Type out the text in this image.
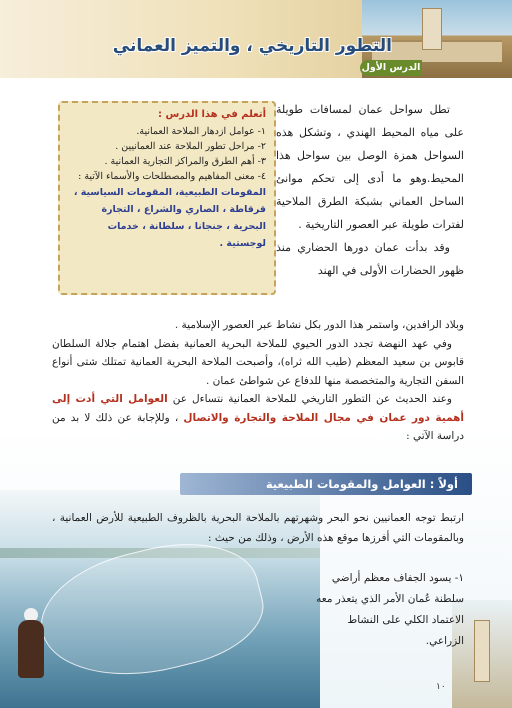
التطور التاريخي ، والتميز العماني
الدرس الأول
أتعلم في هذا الدرس :
١- عوامل ازدهار الملاحة العمانية.
٢- مراحل تطور الملاحة عند العمانيين .
٣- أهم الطرق والمراكز التجارية العمانية .
٤- معنى المفاهيم والمصطلحات والأسماء الآتية :
المقومات الطبيعية، المقومات السياسية ، قرقاطة ، الصاري والشراع ، التجارة البحرية ، جنجانا ، سلطانة ، خدمات لوجستية .
تطل سواحل عمان لمسافات طويلة على مياه المحيط الهندي ، وتشكل هذه السواحل همزة الوصل بين سواحل هذا المحيط.وهو ما أدى إلى تحكم موانئ الساحل العماني بشبكة الطرق الملاحية لفترات طويلة عبر العصور التاريخية .
وقد بدأت عمان دورها الحضاري منذ ظهور الحضارات الأولى في الهند

وبلاد الرافدين، واستمر هذا الدور بكل نشاط عبر العصور الإسلامية .

وفي عهد النهضة تجدد الدور الحيوي للملاحة البحرية العمانية بفضل اهتمام جلالة السلطان قابوس بن سعيد المعظم (طيب الله ثراه)، وأصبحت الملاحة البحرية العمانية تمتلك شتى أنواع السفن التجارية والمتخصصة منها للدفاع عن شواطئ عمان .

وعند الحديث عن التطور التاريخي للملاحة العمانية نتساءل عن العوامل التي أدت إلى أهمية دور عمان في مجال الملاحة والتجارة والاتصال ، وللإجابة عن ذلك لا بد من دراسة الآتي :

أولاً : العوامل والمقومات الطبيعية
ارتبط توجه العمانيين نحو البحر وشهرتهم بالملاحة البحرية بالظروف الطبيعية للأرض العمانية ، وبالمقومات التي أفرزها موقع هذه الأرض ، وذلك من حيث :
١- يسود الجفاف معظم أراضي سلطنة عُمان الأمر الذي يتعذر معه الاعتماد الكلي على النشاط الزراعي.
١٠
